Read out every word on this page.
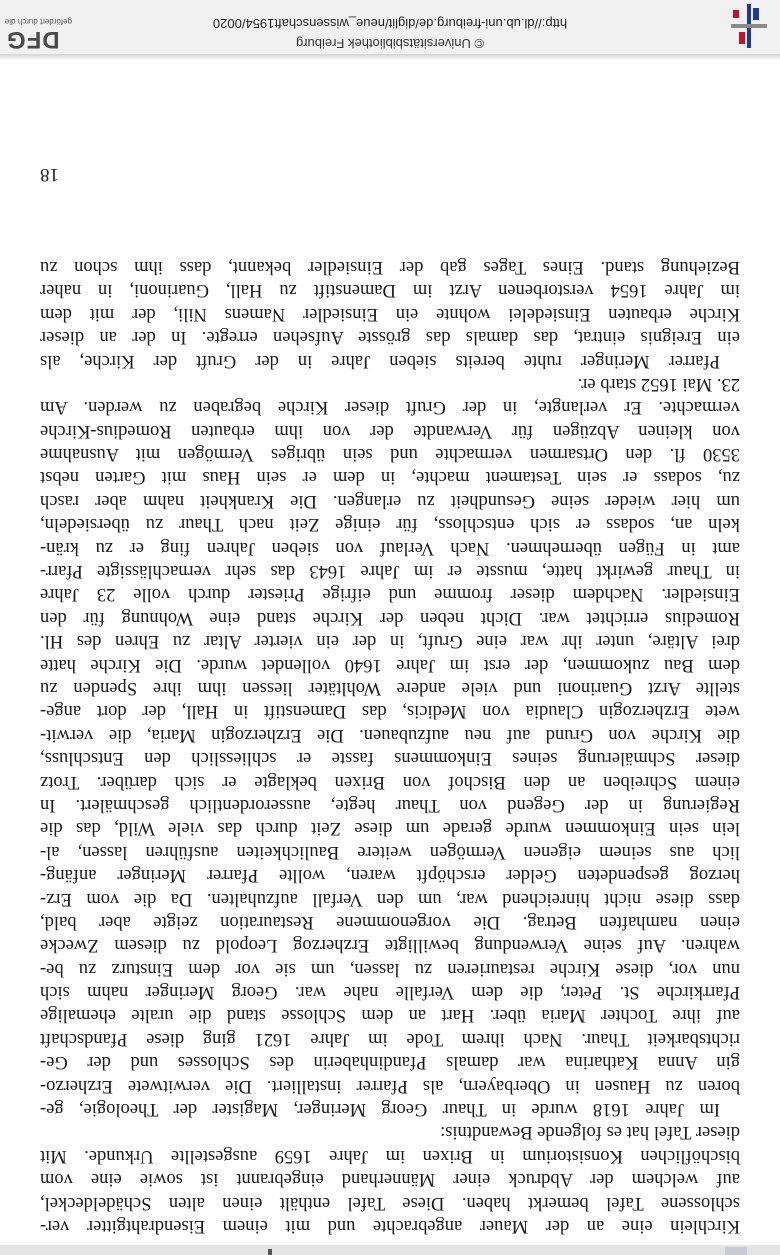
Kirchlein eine an der Mauer angebrachte und mit einem Eisendrahtgitter ver-
schlossene Tafel bemerkt haben. Diese Tafel enthält einen alten Schädeldeckel,
auf welchem der Abdruck einer Männerhand eingebrannt ist sowie eine vom
bischöflichen Konsistorium in Brixen im Jahre 1659 ausgestellte Urkunde. Mit
dieser Tafel hat es folgende Bewandtnis:
Im Jahre 1618 wurde in Thaur Georg Meringer, Magister der Theologie, ge-
boren zu Hausen in Oberbayern, als Pfarrer installiert. Die verwitwete Erzherzo-
gin Anna Katharina war damals Pfandinhaberin des Schlosses und der Ge-
richtsbarkeit Thaur. Nach ihrem Tode im Jahre 1621 ging diese Pfandschaft
auf ihre Tochter Maria über. Hart an dem Schlosse stand die uralte ehemalige
Pfarrkirche St. Peter, die dem Verfalle nahe war. Georg Meringer nahm sich
nun vor, diese Kirche restaurieren zu lassen, um sie vor dem Einsturz zu be-
wahren. Auf seine Verwendung bewilligte Erzherzog Leopold zu diesem Zwecke
einen namhaften Betrag. Die vorgenommene Restauration zeigte aber bald,
dass diese nicht hinreichend war, um den Verfall aufzuhalten. Da die vom Erz-
herzog gespendeten Gelder erschöpft waren, wollte Pfarrer Meringer anfäng-
lich aus seinem eigenen Vermögen weitere Baulichkeiten ausführen lassen, al-
lein sein Einkommen wurde gerade um diese Zeit durch das viele Wild, das die
Regierung in der Gegend von Thaur hegte, ausserordentlich geschmälert. In
einem Schreiben an den Bischof von Brixen beklagte er sich darüber. Trotz
dieser Schmälerung seines Einkommens fasste er schliesslich den Entschluss,
die Kirche von Grund auf neu aufzubauen. Die Erzherzogin Maria, die verwit-
wete Erzherzogin Claudia von Medicis, das Damenstift in Hall, der dort ange-
stellte Arzt Guarinoni und viele andere Wohltäter liessen ihm ihre Spenden zu
dem Bau zukommen, der erst im Jahre 1640 vollendet wurde. Die Kirche hatte
drei Altäre, unter ihr war eine Gruft, in der ein vierter Altar zu Ehren des Hl.
Romedius errichtet war. Dicht neben der Kirche stand eine Wohnung für den
Einsiedler. Nachdem dieser fromme und eifrige Priester durch volle 23 Jahre
in Thaur gewirkt hatte, musste er im Jahre 1643 das sehr vernachlässigte Pfarr-
amt in Fügen übernehmen. Nach Verlauf von sieben Jahren fing er zu krän-
keln an, sodass er sich entschloss, für einige Zeit nach Thaur zu übersiedeln,
um hier wieder seine Gesundheit zu erlangen. Die Krankheit nahm aber rasch
zu, sodass er sein Testament machte, in dem er sein Haus mit Garten nebst
3530 fl. den Ortsarmen vermachte und sein übriges Vermögen mit Ausnahme
von kleinen Abzügen für Verwandte der von ihm erbauten Romedius-Kirche
vermachte. Er verlangte, in der Gruft dieser Kirche begraben zu werden. Am
23. Mai 1652 starb er.
Pfarrer Meringer ruhte bereits sieben Jahre in der Gruft der Kirche, als
ein Ereignis eintrat, das damals das grösste Aufsehen erregte. In der an dieser
Kirche erbauten Einsiedelei wohnte ein Einsiedler Namens Nili, der mit dem
im Jahre 1654 verstorbenen Arzt im Damenstift zu Hall, Guarinoni, in naher
Beziehung stand. Eines Tages gab der Einsiedler bekannt, dass ihm schon zu
18
© Universitätsbibliothek Freiburg
http://dl.ub.uni-freiburg.de/diglit/neue_wissenschaft1954/0020
DFG
gefördert durch die
